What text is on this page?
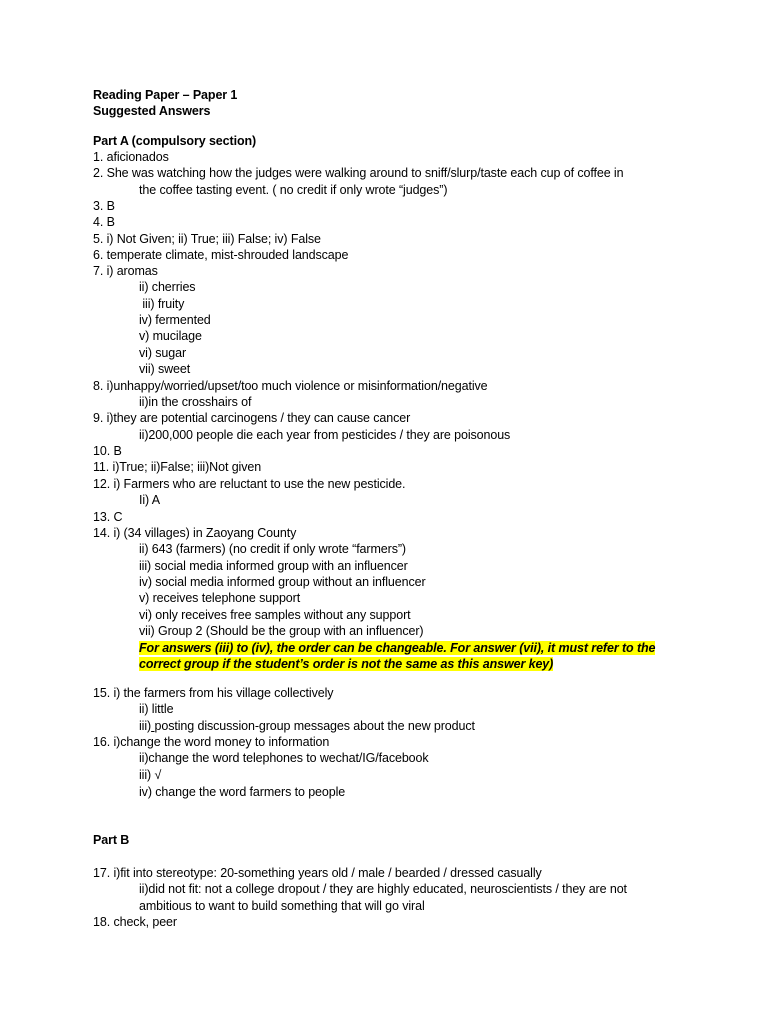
Reading Paper – Paper 1
Suggested Answers
Part A (compulsory section)
1. aficionados
2. She was watching how the judges were walking around to sniff/slurp/taste each cup of coffee in
the coffee tasting event. ( no credit if only wrote “judges”)
3. B
4. B
5. i) Not Given; ii) True; iii) False; iv) False
6. temperate climate, mist-shrouded landscape
7. i) aromas
ii) cherries
iii) fruity
iv) fermented
v) mucilage
vi) sugar
vii) sweet
8. i)unhappy/worried/upset/too much violence or misinformation/negative
ii)in the crosshairs of
9. i)they are potential carcinogens / they can cause cancer
ii)200,000 people die each year from pesticides / they are poisonous
10. B
11. i)True; ii)False; iii)Not given
12. i) Farmers who are reluctant to use the new pesticide.
Ii) A
13. C
14. i) (34 villages) in Zaoyang County
ii) 643 (farmers) (no credit if only wrote “farmers”)
iii) social media informed group with an influencer
iv) social media informed group without an influencer
v) receives telephone support
vi) only receives free samples without any support
vii) Group 2 (Should be the group with an influencer)
For answers (iii) to (iv), the order can be changeable. For answer (vii), it must refer to the
correct group if the student’s order is not the same as this answer key)
15. i) the farmers from his village collectively
ii) little
iii) posting discussion-group messages about the new product
16. i)change the word money to information
ii)change the word telephones to wechat/IG/facebook
iii) √
iv) change the word farmers to people
Part B
17. i)fit into stereotype: 20-something years old / male / bearded / dressed casually
ii)did not fit: not a college dropout / they are highly educated, neuroscientists / they are not
ambitious to want to build something that will go viral
18. check, peer
